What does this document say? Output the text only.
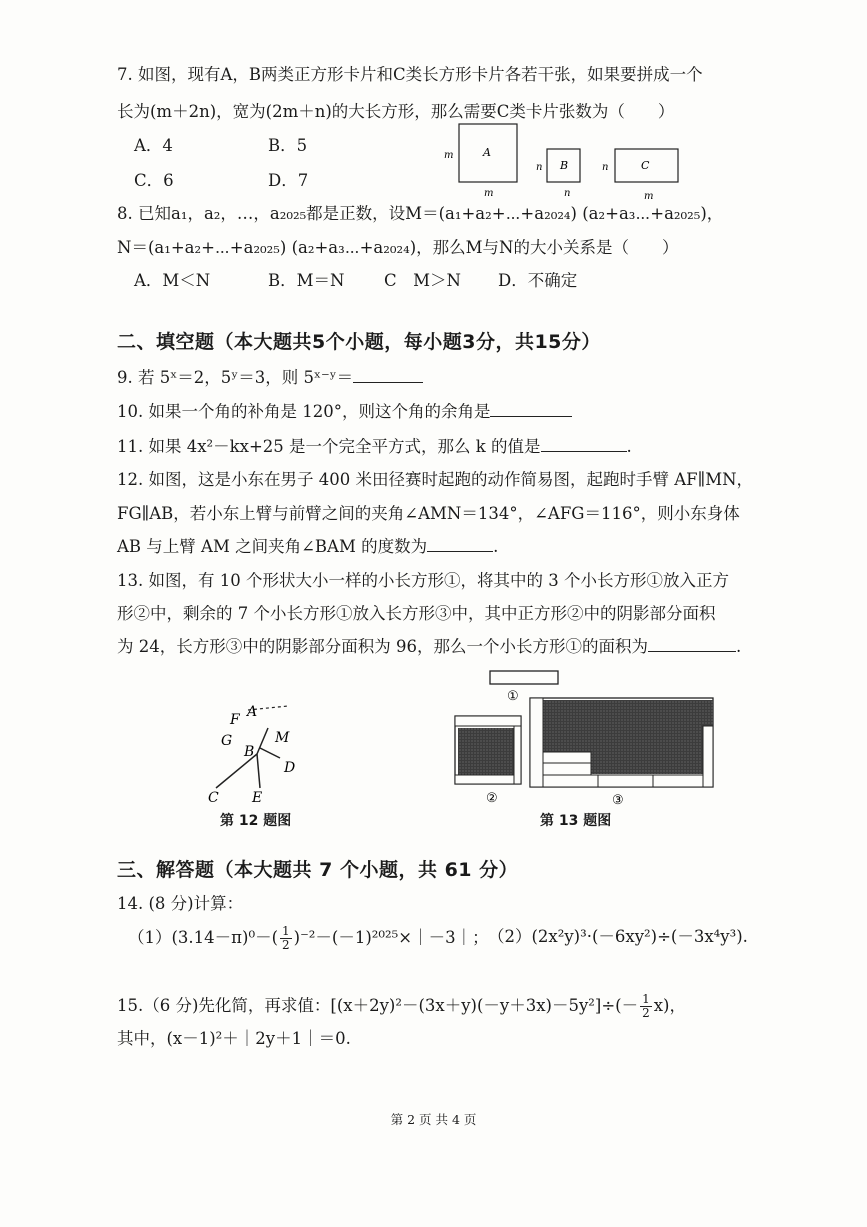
7. 如图，现有A，B两类正方形卡片和C类长方形卡片各若干张，如果要拼成一个
长为(m＋2n)，宽为(2m＋n)的大长方形，那么需要C类卡片张数为（　　）
A．4	B．5
C．6	D．7
A
m
m
B
n
n
C
n
m
8. 已知a₁，a₂，…，a₂₀₂₅都是正数，设M＝(a₁+a₂+⋯+a₂₀₂₄) (a₂+a₃⋯+a₂₀₂₅)，
N＝(a₁+a₂+⋯+a₂₀₂₅) (a₂+a₃⋯+a₂₀₂₄)，那么M与N的大小关系是（　　）
A．M＜N	B．M＝N C　M＞N D．不确定
二、填空题（本大题共5个小题，每小题3分，共15分）
9. 若 5ˣ＝2，5ʸ＝3，则 5ˣ⁻ʸ＝
10. 如果一个角的补角是 120°，则这个角的余角是
11. 如果 4x²－kx+25 是一个完全平方式，那么 k 的值是	.
12. 如图，这是小东在男子 400 米田径赛时起跑的动作简易图，起跑时手臂 AF∥MN，
FG∥AB，若小东上臂与前臂之间的夹角∠AMN＝134°，∠AFG＝116°，则小东身体
AB 与上臂 AM 之间夹角∠BAM 的度数为	.
13. 如图，有 10 个形状大小一样的小长方形①，将其中的 3 个小长方形①放入正方
形②中，剩余的 7 个小长方形①放入长方形③中，其中正方形②中的阴影部分面积
为 24，长方形③中的阴影部分面积为 96，那么一个小长方形①的面积为	.
F A
G	M
B
D
C E
第 12 题图
①
②	③
第 13 题图
三、解答题（本大题共 7 个小题，共 61 分）
14. (8 分)计算：
$(1)(3.14-\pi)^0-( \frac{1}{2}$ )⁻²－(－1)²⁰²⁵×｜－3｜； （2）(2x²y)³·(－6xy²)÷(－3x⁴y³).
15.（6 分)先化简，再求值：$[(x+2y)^2-(3x+y)(-y+3x)-5y^2]\div(- \frac{1}{2} x)$，
其中，(x－1)²＋｜2y＋1｜＝0.
第 2 页 共 4 页
